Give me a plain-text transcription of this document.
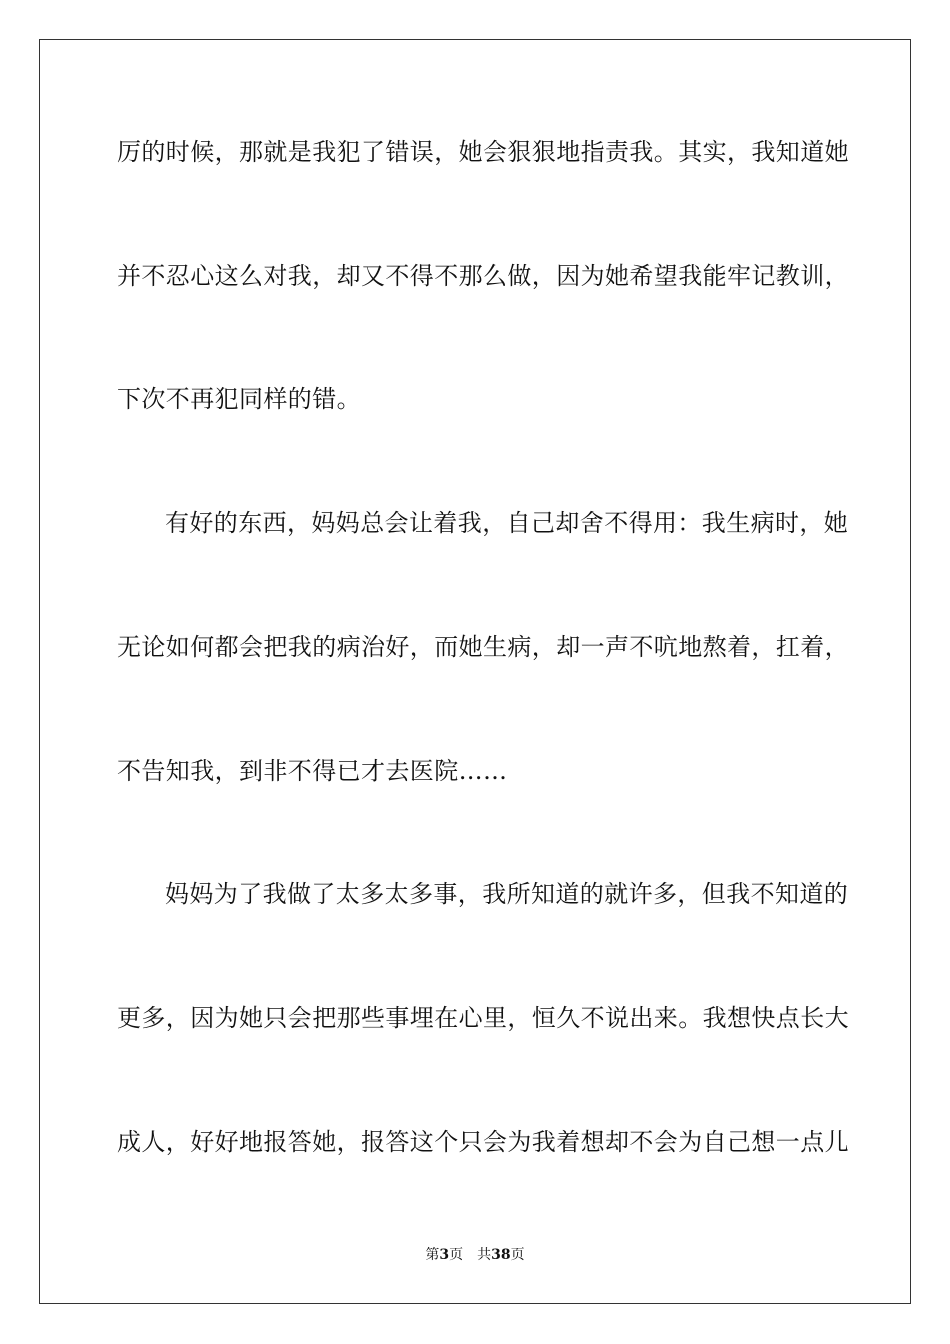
厉的时候，那就是我犯了错误，她会狠狠地指责我。其实，我知道她
并不忍心这么对我，却又不得不那么做，因为她希望我能牢记教训，
下次不再犯同样的错。
有好的东西，妈妈总会让着我，自己却舍不得用：我生病时，她
无论如何都会把我的病治好，而她生病，却一声不吭地熬着，扛着，
不告知我，到非不得已才去医院……
妈妈为了我做了太多太多事，我所知道的就许多，但我不知道的
更多，因为她只会把那些事埋在心里，恒久不说出来。我想快点长大
成人，好好地报答她，报答这个只会为我着想却不会为自己想一点儿
第3页 共38页
